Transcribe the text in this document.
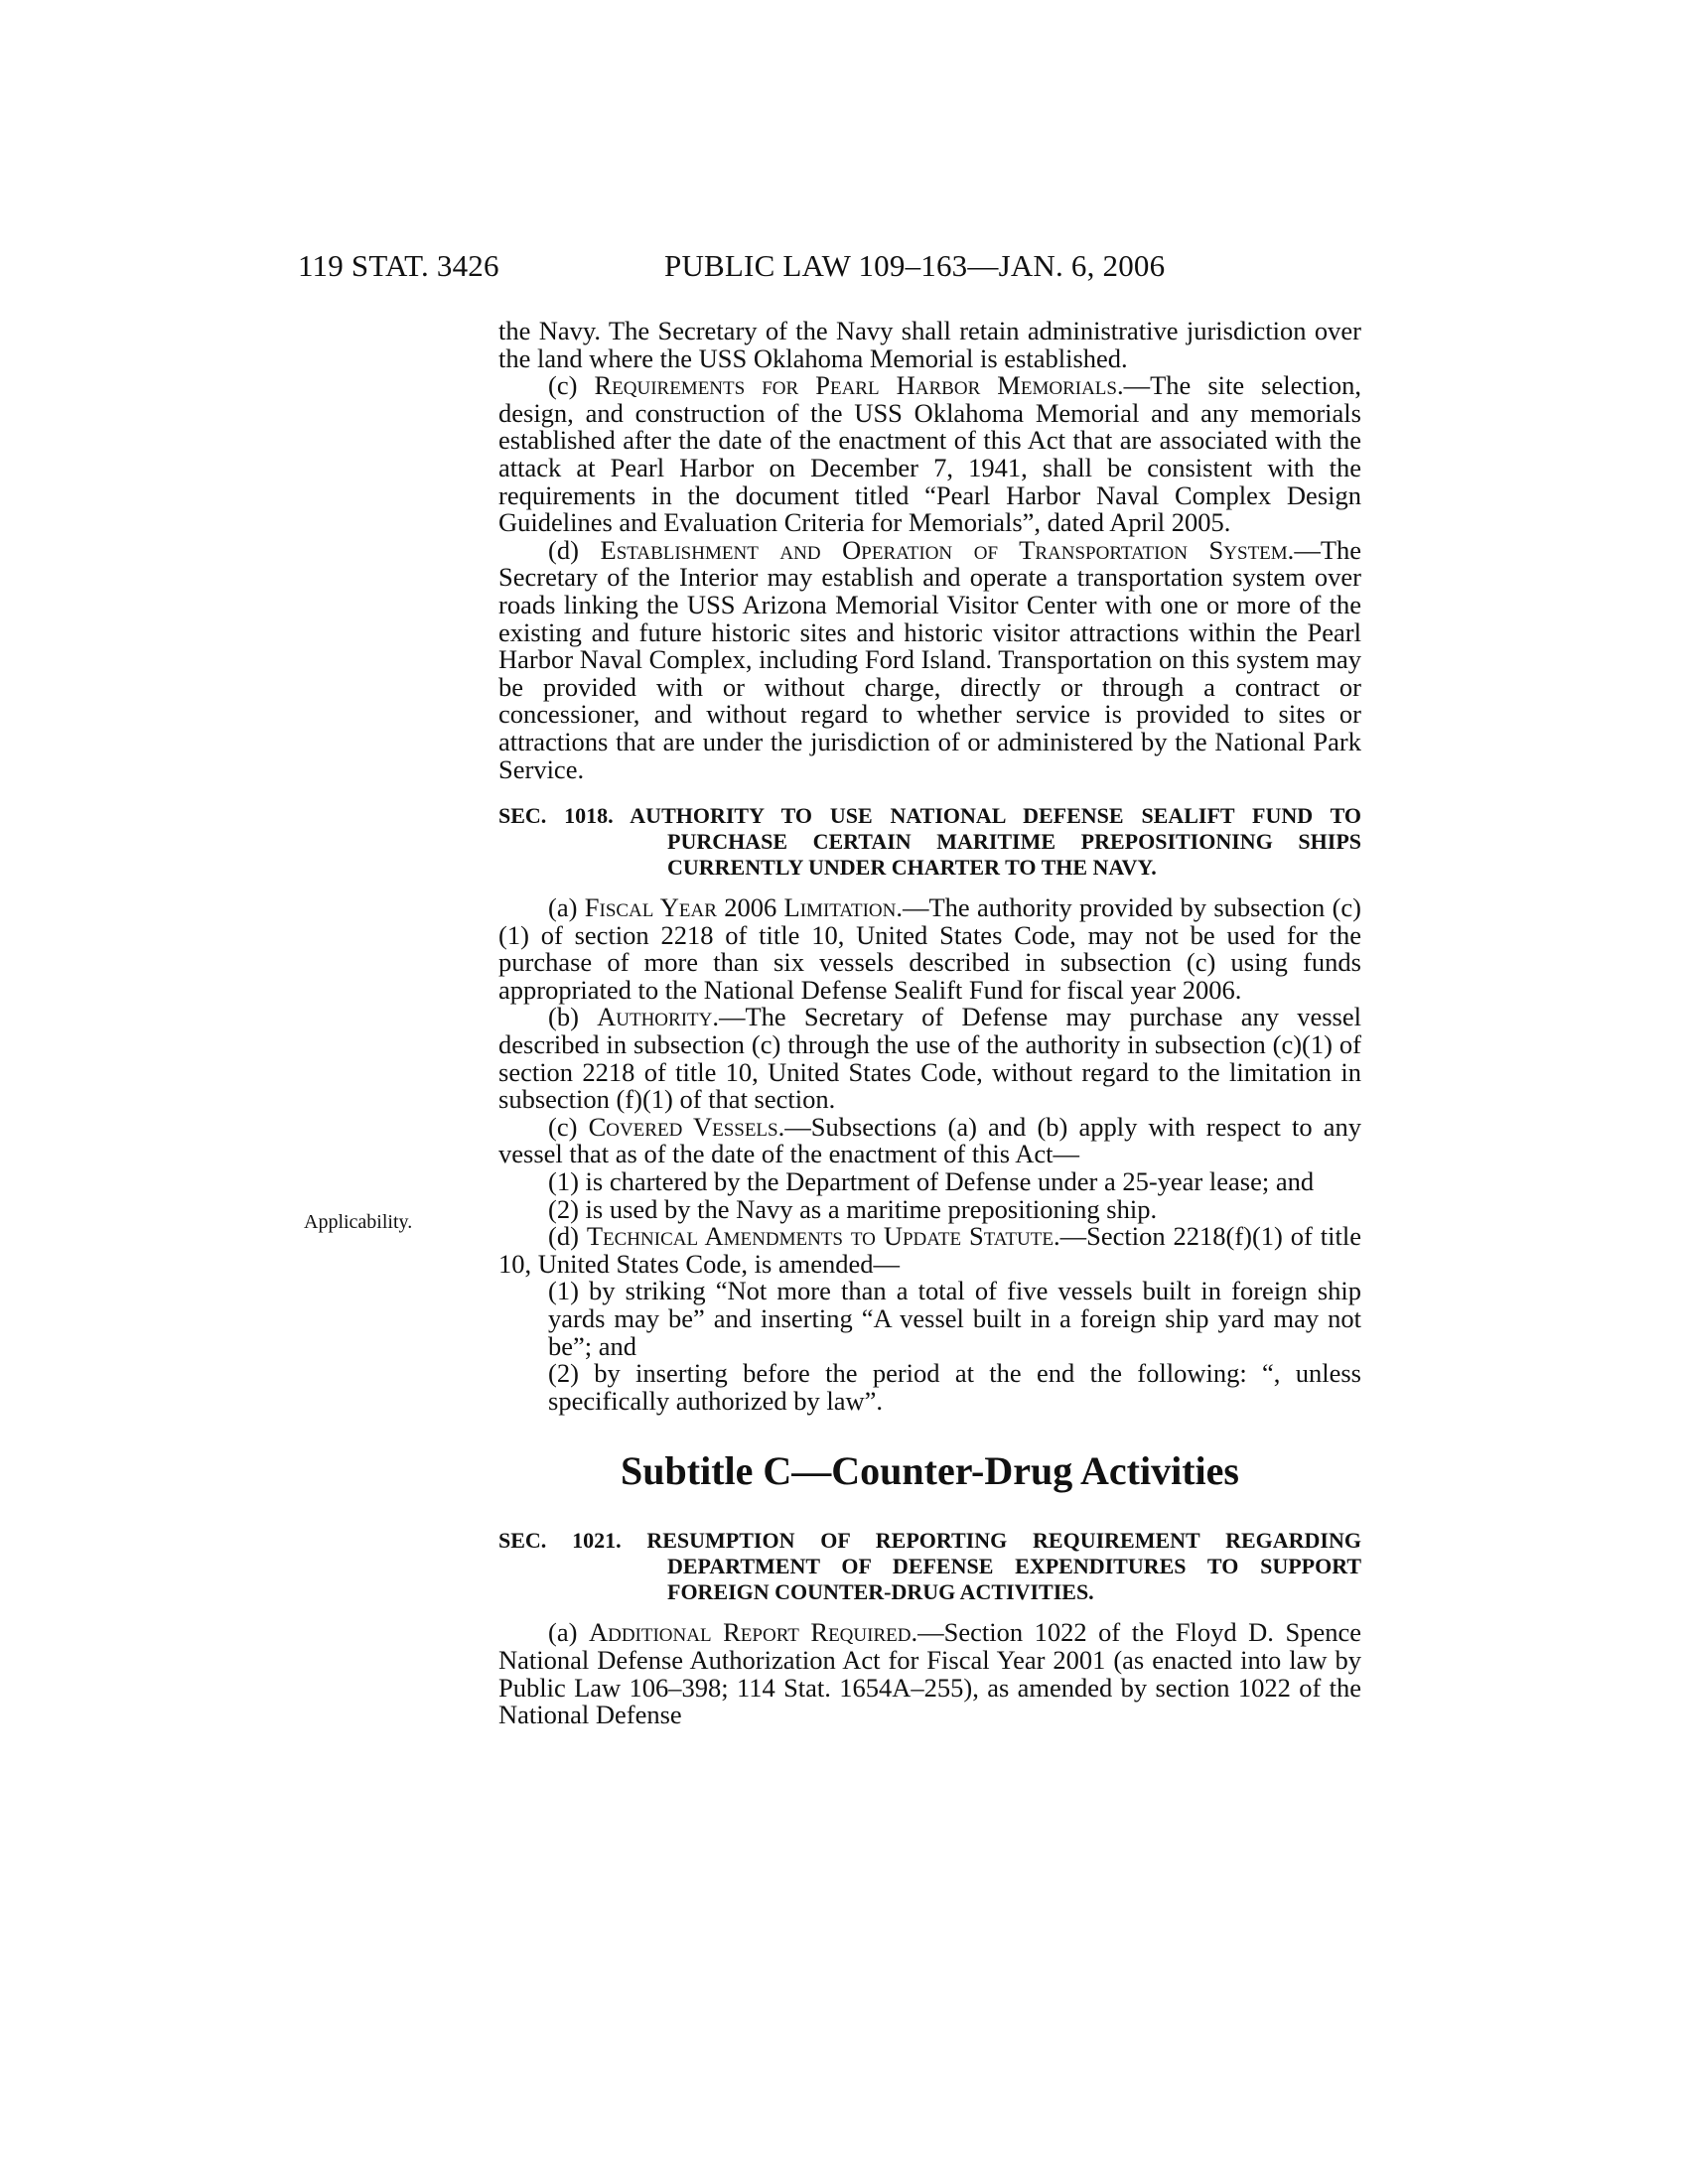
119 STAT. 3426	PUBLIC LAW 109–163—JAN. 6, 2006
Applicability.

the Navy. The Secretary of the Navy shall retain administrative jurisdiction over the land where the USS Oklahoma Memorial is established.

(c) Requirements for Pearl Harbor Memorials.—The site selection, design, and construction of the USS Oklahoma Memorial and any memorials established after the date of the enactment of this Act that are associated with the attack at Pearl Harbor on December 7, 1941, shall be consistent with the requirements in the document titled “Pearl Harbor Naval Complex Design Guidelines and Evaluation Criteria for Memorials”, dated April 2005.

(d) Establishment and Operation of Transportation System.—The Secretary of the Interior may establish and operate a transportation system over roads linking the USS Arizona Memorial Visitor Center with one or more of the existing and future historic sites and historic visitor attractions within the Pearl Harbor Naval Complex, including Ford Island. Transportation on this system may be provided with or without charge, directly or through a contract or concessioner, and without regard to whether service is provided to sites or attractions that are under the jurisdiction of or administered by the National Park Service.

SEC. 1018. AUTHORITY TO USE NATIONAL DEFENSE SEALIFT FUND TO PURCHASE CERTAIN MARITIME PREPOSITIONING SHIPS CURRENTLY UNDER CHARTER TO THE NAVY.

(a) Fiscal Year 2006 Limitation.—The authority provided by subsection (c)(1) of section 2218 of title 10, United States Code, may not be used for the purchase of more than six vessels described in subsection (c) using funds appropriated to the National Defense Sealift Fund for fiscal year 2006.

(b) Authority.—The Secretary of Defense may purchase any vessel described in subsection (c) through the use of the authority in subsection (c)(1) of section 2218 of title 10, United States Code, without regard to the limitation in subsection (f)(1) of that section.

(c) Covered Vessels.—Subsections (a) and (b) apply with respect to any vessel that as of the date of the enactment of this Act—

(1) is chartered by the Department of Defense under a 25-year lease; and

(2) is used by the Navy as a maritime prepositioning ship.

(d) Technical Amendments to Update Statute.—Section 2218(f)(1) of title 10, United States Code, is amended—

(1) by striking “Not more than a total of five vessels built in foreign ship yards may be” and inserting “A vessel built in a foreign ship yard may not be”; and

(2) by inserting before the period at the end the following: “, unless specifically authorized by law”.

Subtitle C—Counter-Drug Activities

SEC. 1021. RESUMPTION OF REPORTING REQUIREMENT REGARDING DEPARTMENT OF DEFENSE EXPENDITURES TO SUPPORT FOREIGN COUNTER-DRUG ACTIVITIES.

(a) Additional Report Required.—Section 1022 of the Floyd D. Spence National Defense Authorization Act for Fiscal Year 2001 (as enacted into law by Public Law 106–398; 114 Stat. 1654A–255), as amended by section 1022 of the National Defense
